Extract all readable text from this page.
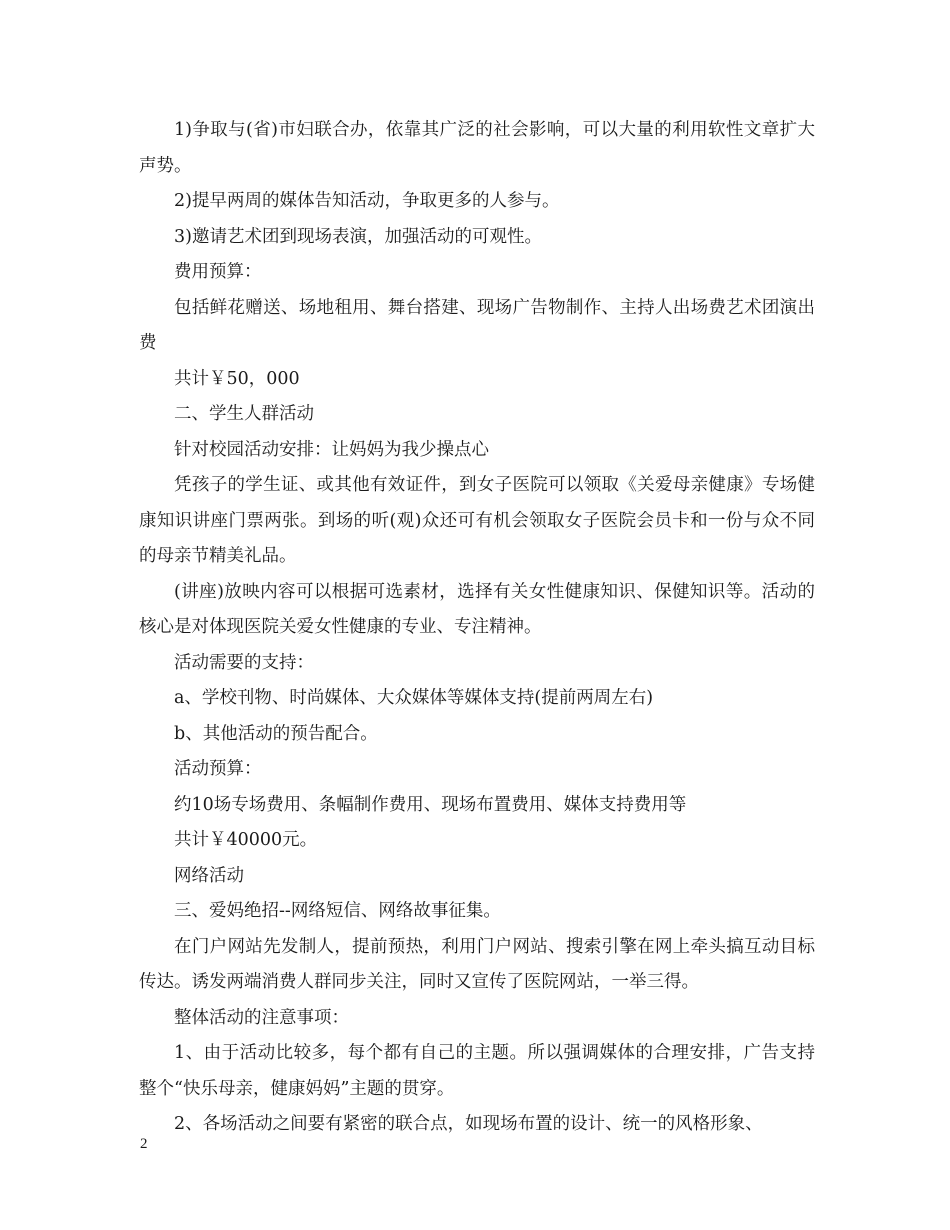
1)争取与(省)市妇联合办，依靠其广泛的社会影响，可以大量的利用软性文章扩大声势。

2)提早两周的媒体告知活动，争取更多的人参与。

3)邀请艺术团到现场表演，加强活动的可观性。

费用预算：

包括鲜花赠送、场地租用、舞台搭建、现场广告物制作、主持人出场费艺术团演出费

共计￥50，000

二、学生人群活动

针对校园活动安排：让妈妈为我少操点心

凭孩子的学生证、或其他有效证件，到女子医院可以领取《关爱母亲健康》专场健康知识讲座门票两张。到场的听(观)众还可有机会领取女子医院会员卡和一份与众不同的母亲节精美礼品。

(讲座)放映内容可以根据可选素材，选择有关女性健康知识、保健知识等。活动的核心是对体现医院关爱女性健康的专业、专注精神。

活动需要的支持：

a、学校刊物、时尚媒体、大众媒体等媒体支持(提前两周左右)

b、其他活动的预告配合。

活动预算：

约10场专场费用、条幅制作费用、现场布置费用、媒体支持费用等

共计￥40000元。

网络活动

三、爱妈绝招--网络短信、网络故事征集。

在门户网站先发制人，提前预热，利用门户网站、搜索引擎在网上牵头搞互动目标传达。诱发两端消费人群同步关注，同时又宣传了医院网站，一举三得。

整体活动的注意事项：

1、由于活动比较多，每个都有自己的主题。所以强调媒体的合理安排，广告支持整个“快乐母亲，健康妈妈”主题的贯穿。

2、各场活动之间要有紧密的联合点，如现场布置的设计、统一的风格形象、

2
